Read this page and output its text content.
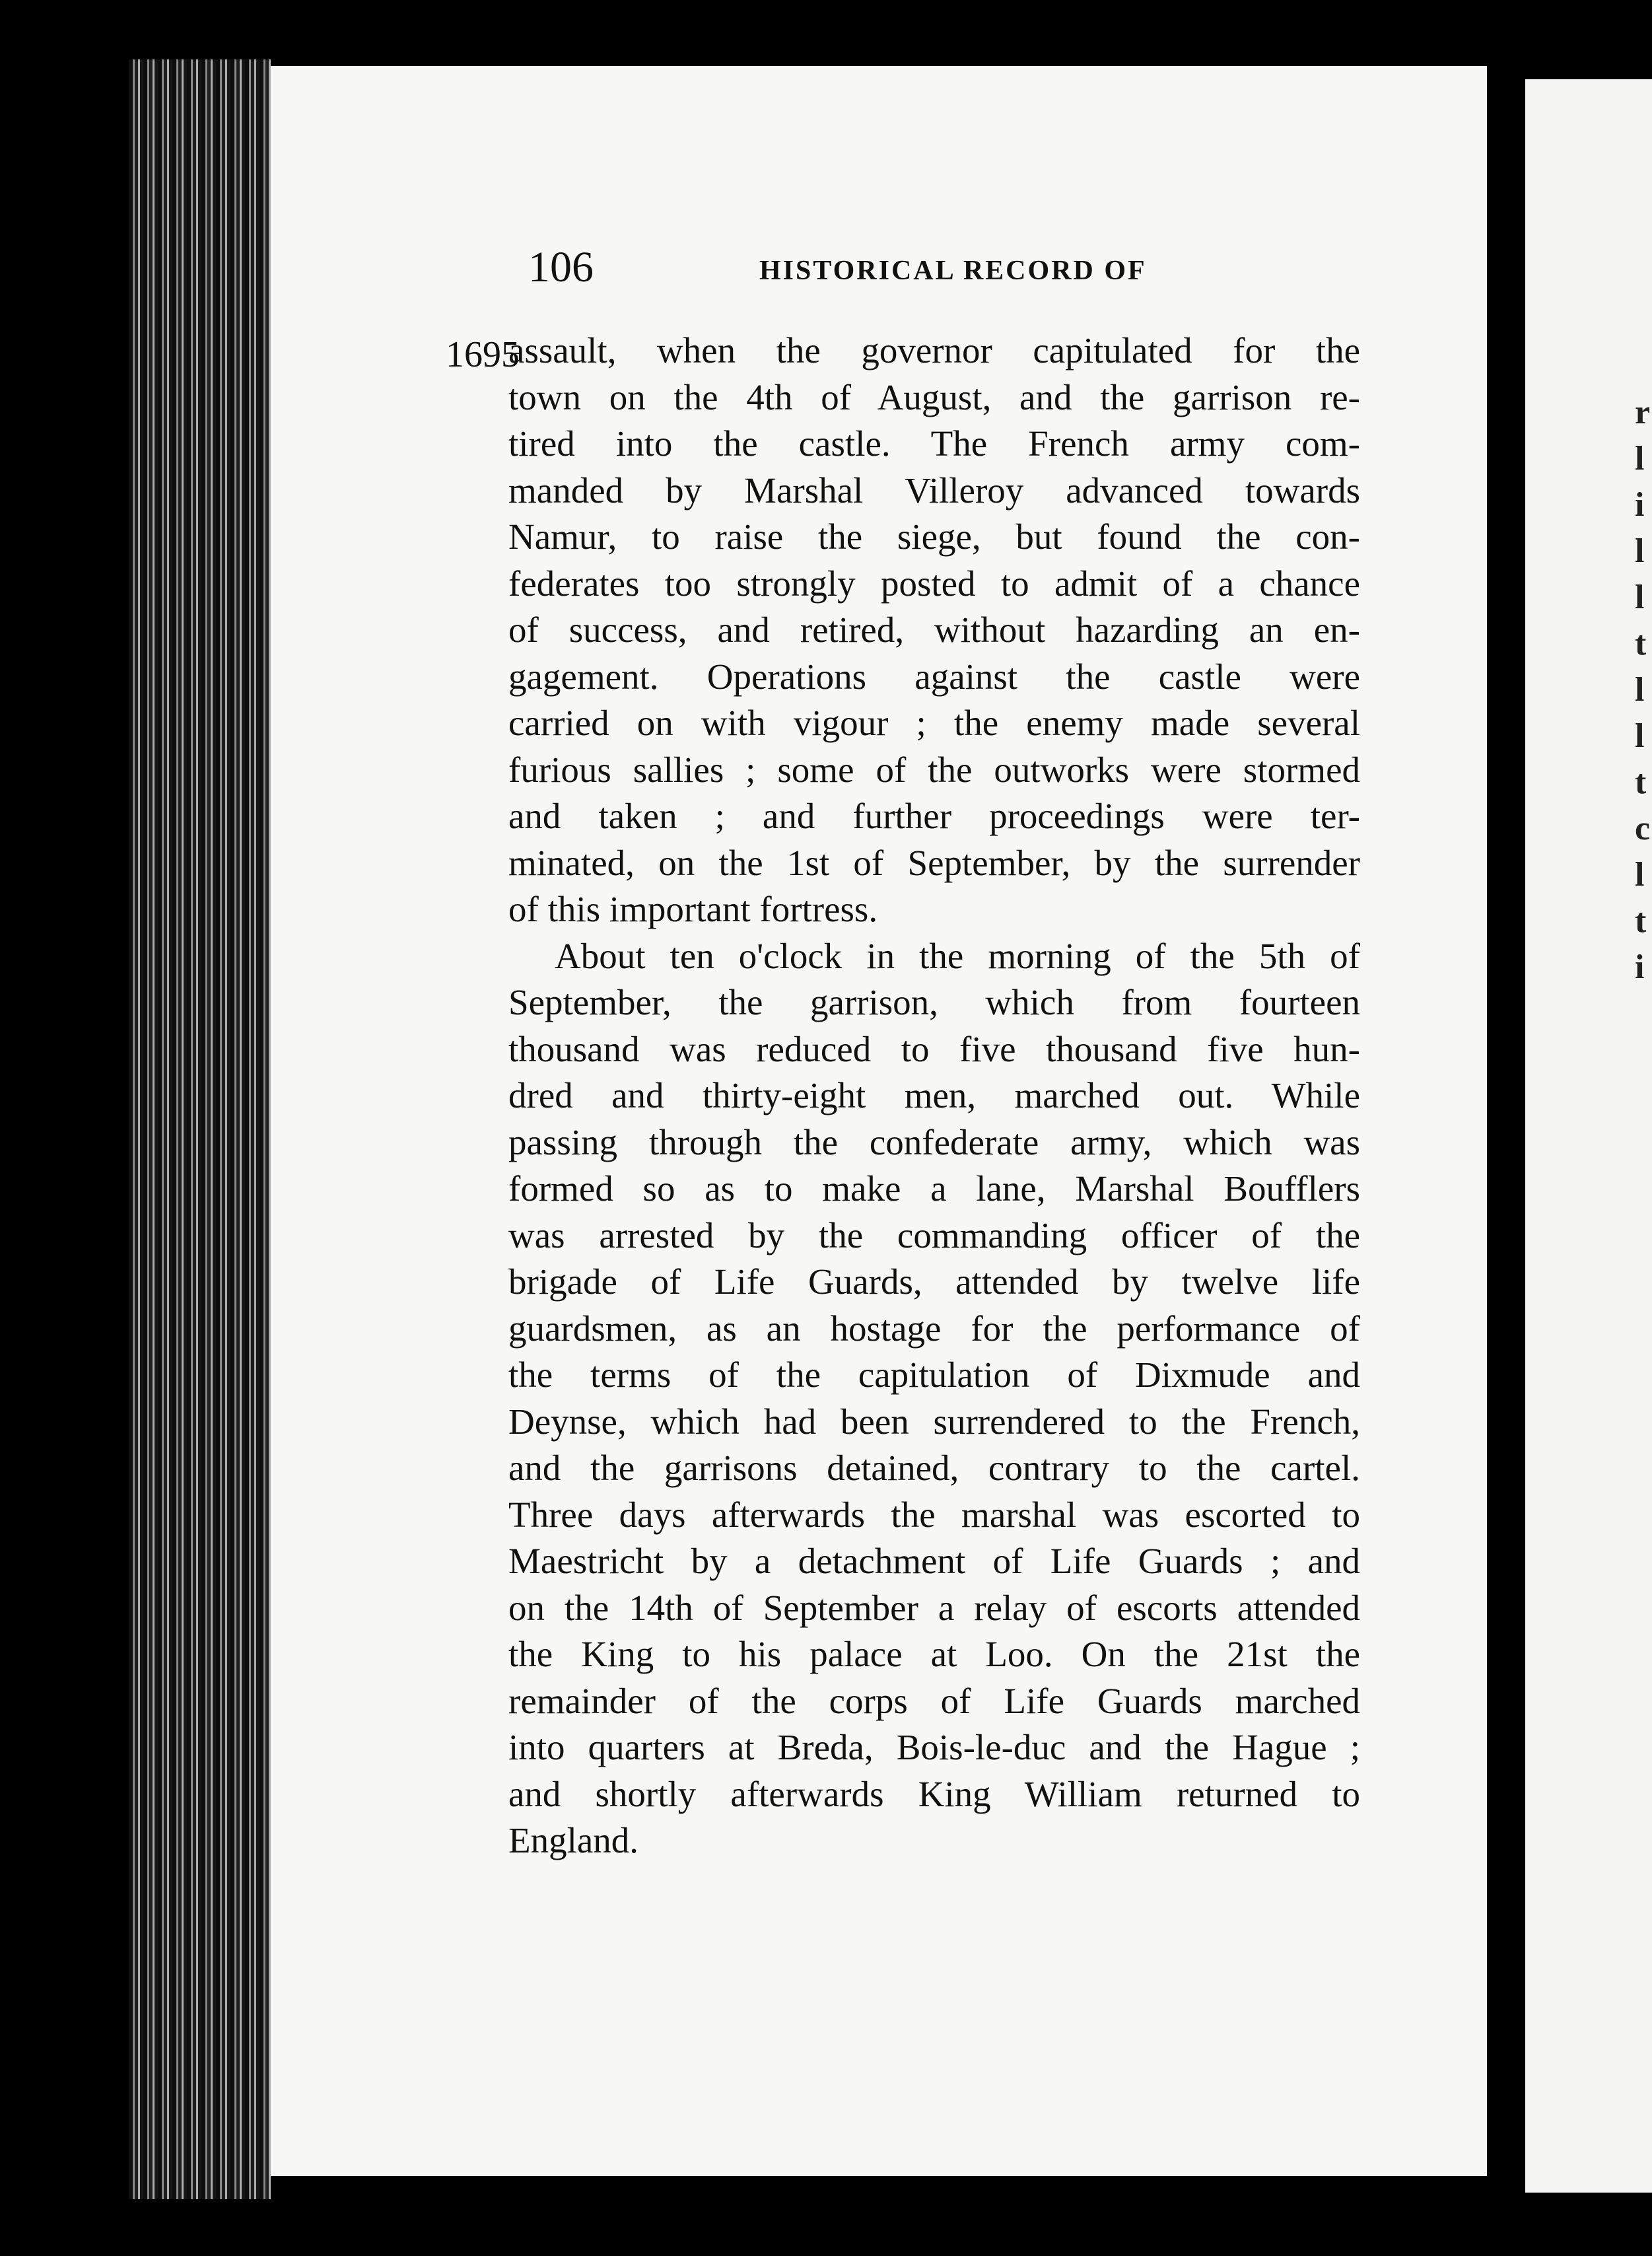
106	HISTORICAL RECORD OF
1695
assault, when the governor capitulated for the
town on the 4th of August, and the garrison re-
tired into the castle. The French army com-
manded by Marshal Villeroy advanced towards
Namur, to raise the siege, but found the con-
federates too strongly posted to admit of a chance
of success, and retired, without hazarding an en-
gagement. Operations against the castle were
carried on with vigour ; the enemy made several
furious sallies ; some of the outworks were stormed
and taken ; and further proceedings were ter-
minated, on the 1st of September, by the surrender
of this important fortress.
About ten o'clock in the morning of the 5th of
September, the garrison, which from fourteen
thousand was reduced to five thousand five hun-
dred and thirty-eight men, marched out. While
passing through the confederate army, which was
formed so as to make a lane, Marshal Boufflers
was arrested by the commanding officer of the
brigade of Life Guards, attended by twelve life
guardsmen, as an hostage for the performance of
the terms of the capitulation of Dixmude and
Deynse, which had been surrendered to the French,
and the garrisons detained, contrary to the cartel.
Three days afterwards the marshal was escorted to
Maestricht by a detachment of Life Guards ; and
on the 14th of September a relay of escorts attended
the King to his palace at Loo. On the 21st the
remainder of the corps of Life Guards marched
into quarters at Breda, Bois-le-duc and the Hague ;
and shortly afterwards King William returned to
England.
r
l
i
l
l
t
l
l
t
c
l
t
i
